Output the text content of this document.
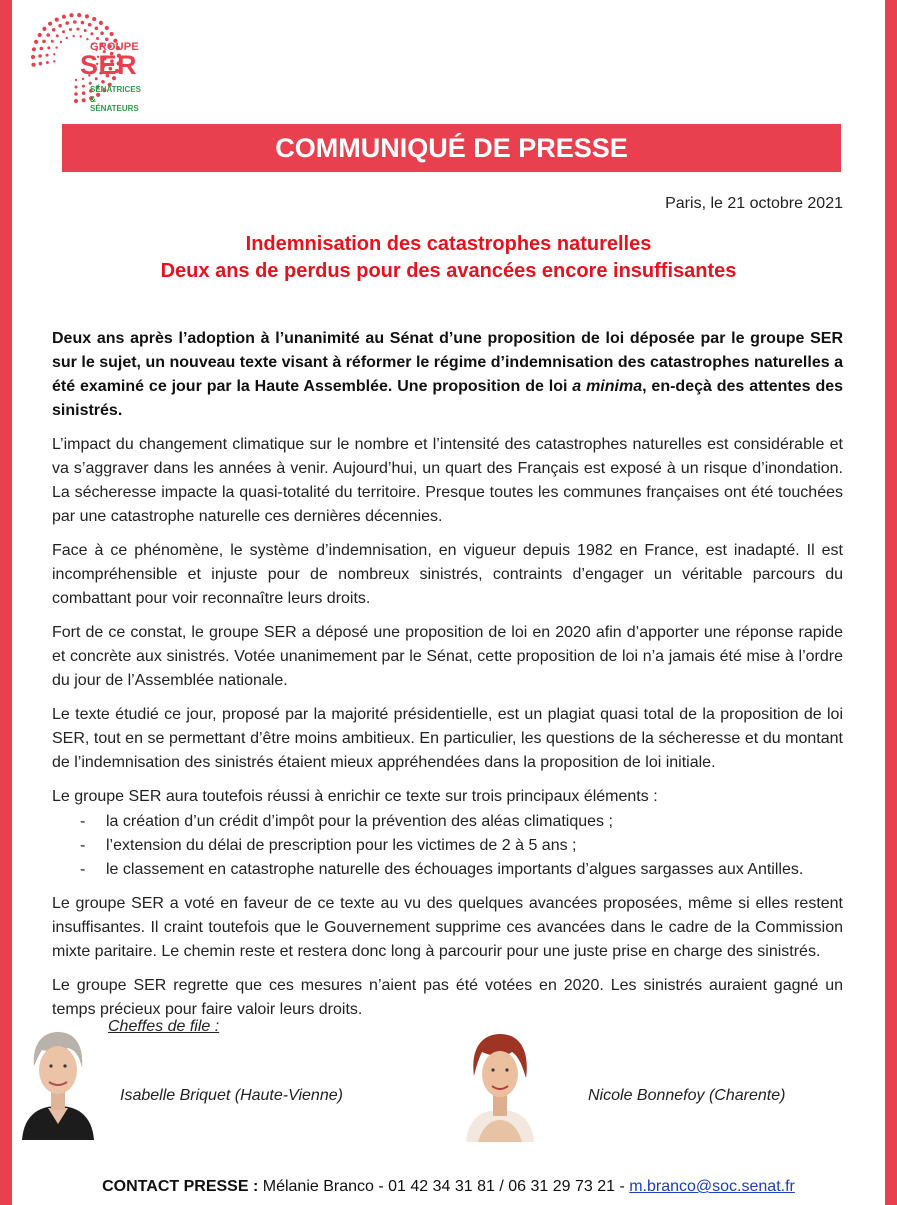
GROUPE
SER
SÉNATRICES
& SÉNATEURS
COMMUNIQUÉ DE PRESSE
Paris, le 21 octobre 2021
Indemnisation des catastrophes naturelles
Deux ans de perdus pour des avancées encore insuffisantes

Deux ans après l’adoption à l’unanimité au Sénat d’une proposition de loi déposée par le groupe SER sur le sujet, un nouveau texte visant à réformer le régime d’indemnisation des catastrophes naturelles a été examiné ce jour par la Haute Assemblée. Une proposition de loi a minima, en-deçà des attentes des sinistrés.

L’impact du changement climatique sur le nombre et l’intensité des catastrophes naturelles est considérable et va s’aggraver dans les années à venir. Aujourd’hui, un quart des Français est exposé à un risque d’inondation. La sécheresse impacte la quasi-totalité du territoire. Presque toutes les communes françaises ont été touchées par une catastrophe naturelle ces dernières décennies.

Face à ce phénomène, le système d’indemnisation, en vigueur depuis 1982 en France, est inadapté. Il est incompréhensible et injuste pour de nombreux sinistrés, contraints d’engager un véritable parcours du combattant pour voir reconnaître leurs droits.

Fort de ce constat, le groupe SER a déposé une proposition de loi en 2020 afin d’apporter une réponse rapide et concrète aux sinistrés. Votée unanimement par le Sénat, cette proposition de loi n’a jamais été mise à l’ordre du jour de l’Assemblée nationale.

Le texte étudié ce jour, proposé par la majorité présidentielle, est un plagiat quasi total de la proposition de loi SER, tout en se permettant d’être moins ambitieux. En particulier, les questions de la sécheresse et du montant de l’indemnisation des sinistrés étaient mieux appréhendées dans la proposition de loi initiale.

Le groupe SER aura toutefois réussi à enrichir ce texte sur trois principaux éléments :

- la création d’un crédit d’impôt pour la prévention des aléas climatiques ;
- l’extension du délai de prescription pour les victimes de 2 à 5 ans ;
- le classement en catastrophe naturelle des échouages importants d’algues sargasses aux Antilles.

Le groupe SER a voté en faveur de ce texte au vu des quelques avancées proposées, même si elles restent insuffisantes. Il craint toutefois que le Gouvernement supprime ces avancées dans le cadre de la Commission mixte paritaire. Le chemin reste et restera donc long à parcourir pour une juste prise en charge des sinistrés.

Le groupe SER regrette que ces mesures n’aient pas été votées en 2020. Les sinistrés auraient gagné un temps précieux pour faire valoir leurs droits.

Cheffes de file :
Isabelle Briquet (Haute-Vienne)	Nicole Bonnefoy (Charente)
CONTACT PRESSE : Mélanie Branco - 01 42 34 31 81 / 06 31 29 73 21 - m.branco@soc.senat.fr
